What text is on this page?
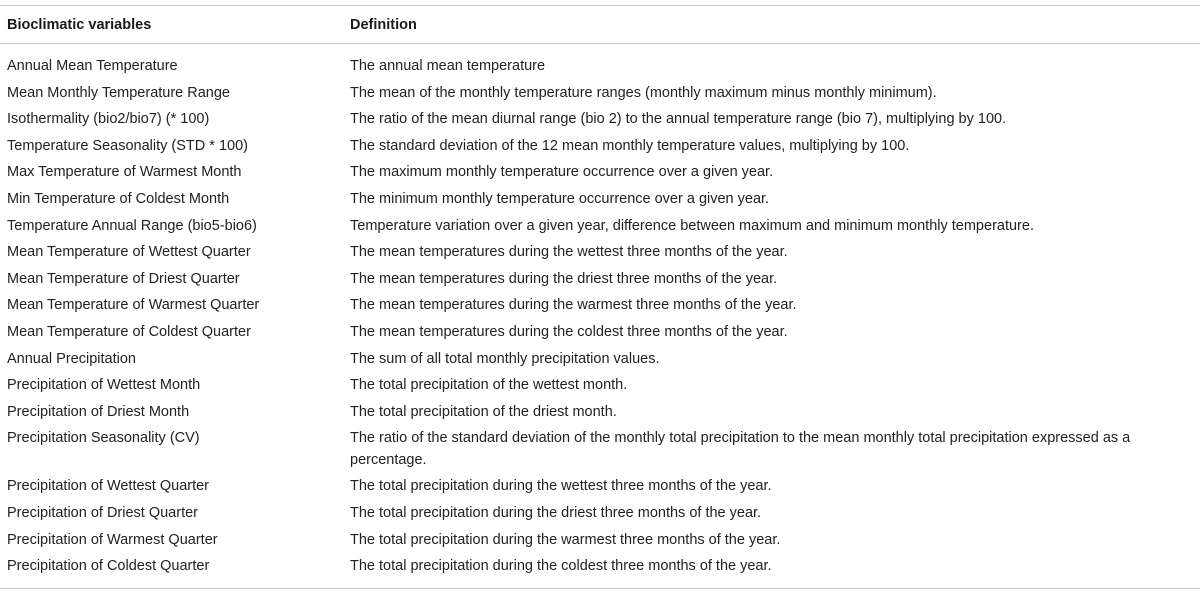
Bioclimatic variables	Definition
Annual Mean Temperature	The annual mean temperature
Mean Monthly Temperature Range	The mean of the monthly temperature ranges (monthly maximum minus monthly minimum).
Isothermality (bio2/bio7) (* 100)	The ratio of the mean diurnal range (bio 2) to the annual temperature range (bio 7), multiplying by 100.
Temperature Seasonality (STD * 100)	The standard deviation of the 12 mean monthly temperature values, multiplying by 100.
Max Temperature of Warmest Month	The maximum monthly temperature occurrence over a given year.
Min Temperature of Coldest Month	The minimum monthly temperature occurrence over a given year.
Temperature Annual Range (bio5-bio6)	Temperature variation over a given year, difference between maximum and minimum monthly temperature.
Mean Temperature of Wettest Quarter	The mean temperatures during the wettest three months of the year.
Mean Temperature of Driest Quarter	The mean temperatures during the driest three months of the year.
Mean Temperature of Warmest Quarter	The mean temperatures during the warmest three months of the year.
Mean Temperature of Coldest Quarter	The mean temperatures during the coldest three months of the year.
Annual Precipitation	The sum of all total monthly precipitation values.
Precipitation of Wettest Month	The total precipitation of the wettest month.
Precipitation of Driest Month	The total precipitation of the driest month.
Precipitation Seasonality (CV)	The ratio of the standard deviation of the monthly total precipitation to the mean monthly total precipitation expressed as a percentage.
Precipitation of Wettest Quarter	The total precipitation during the wettest three months of the year.
Precipitation of Driest Quarter	The total precipitation during the driest three months of the year.
Precipitation of Warmest Quarter	The total precipitation during the warmest three months of the year.
Precipitation of Coldest Quarter	The total precipitation during the coldest three months of the year.
